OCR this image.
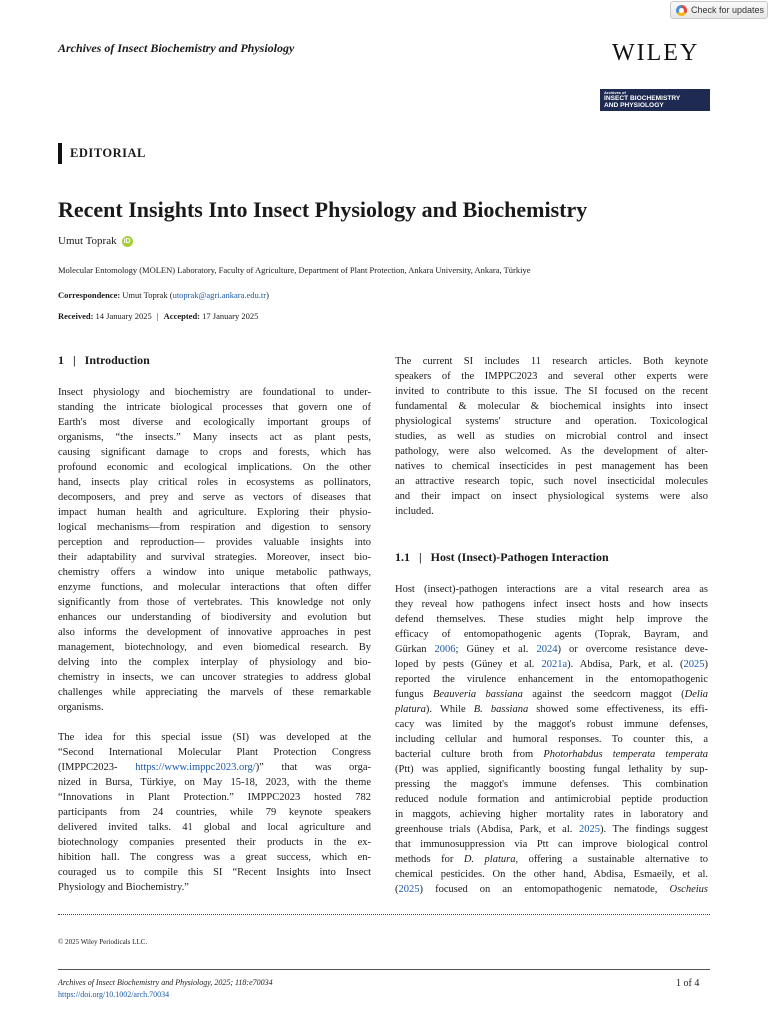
Check for updates
Archives of Insect Biochemistry and Physiology	WILEY
Archives of
INSECT BIOCHEMISTRY
AND PHYSIOLOGY
EDITORIAL
Recent Insights Into Insect Physiology and Biochemistry
Umut Toprak iD
Molecular Entomology (MOLEN) Laboratory, Faculty of Agriculture, Department of Plant Protection, Ankara University, Ankara, Türkiye
Correspondence: Umut Toprak (utoprak@agri.ankara.edu.tr)
Received: 14 January 2025 | Accepted: 17 January 2025
1 | Introduction
Insect physiology and biochemistry are foundational to under-
standing the intricate biological processes that govern one of
Earth's most diverse and ecologically important groups of
organisms, “the insects.” Many insects act as plant pests,
causing significant damage to crops and forests, which has
profound economic and ecological implications. On the other
hand, insects play critical roles in ecosystems as pollinators,
decomposers, and prey and serve as vectors of diseases that
impact human health and agriculture. Exploring their physio-
logical mechanisms—from respiration and digestion to sensory
perception and reproduction— provides valuable insights into
their adaptability and survival strategies. Moreover, insect bio-
chemistry offers a window into unique metabolic pathways,
enzyme functions, and molecular interactions that often differ
significantly from those of vertebrates. This knowledge not only
enhances our understanding of biodiversity and evolution but
also informs the development of innovative approaches in pest
management, biotechnology, and even biomedical research. By
delving into the complex interplay of physiology and bio-
chemistry in insects, we can uncover strategies to address global
challenges while appreciating the marvels of these remarkable
organisms.
The idea for this special issue (SI) was developed at the
“Second International Molecular Plant Protection Congress
(IMPPC2023- https://www.imppc2023.org/)” that was orga-
nized in Bursa, Türkiye, on May 15-18, 2023, with the theme
“Innovations in Plant Protection.” IMPPC2023 hosted 782
participants from 24 countries, while 79 keynote speakers
delivered invited talks. 41 global and local agriculture and
biotechnology companies presented their products in the ex-
hibition hall. The congress was a great success, which en-
couraged us to compile this SI “Recent Insights into Insect
Physiology and Biochemistry.”
The current SI includes 11 research articles. Both keynote
speakers of the IMPPC2023 and several other experts were
invited to contribute to this issue. The SI focused on the recent
fundamental & molecular & biochemical insights into insect
physiological systems' structure and operation. Toxicological
studies, as well as studies on microbial control and insect
pathology, were also welcomed. As the development of alter-
natives to chemical insecticides in pest management has been
an attractive research topic, such novel insecticidal molecules
and their impact on insect physiological systems were also
included.
1.1 | Host (Insect)-Pathogen Interaction
Host (insect)-pathogen interactions are a vital research area as
they reveal how pathogens infect insect hosts and how insects
defend themselves. These studies might help improve the
efficacy of entomopathogenic agents (Toprak, Bayram, and
Gürkan 2006; Güney et al. 2024) or overcome resistance deve-
loped by pests (Güney et al. 2021a). Abdisa, Park, et al. (2025)
reported the virulence enhancement in the entomopathogenic
fungus Beauveria bassiana against the seedcorn maggot (Delia
platura). While B. bassiana showed some effectiveness, its effi-
cacy was limited by the maggot's robust immune defenses,
including cellular and humoral responses. To counter this, a
bacterial culture broth from Photorhabdus temperata temperata
(Ptt) was applied, significantly boosting fungal lethality by sup-
pressing the maggot's immune defenses. This combination
reduced nodule formation and antimicrobial peptide production
in maggots, achieving higher mortality rates in laboratory and
greenhouse trials (Abdisa, Park, et al. 2025). The findings suggest
that immunosuppression via Ptt can improve biological control
methods for D. platura, offering a sustainable alternative to
chemical pesticides. On the other hand, Abdisa, Esmaeily, et al.
(2025) focused on an entomopathogenic nematode, Oscheius
© 2025 Wiley Periodicals LLC.
Archives of Insect Biochemistry and Physiology, 2025; 118:e70034
https://doi.org/10.1002/arch.70034
1 of 4
